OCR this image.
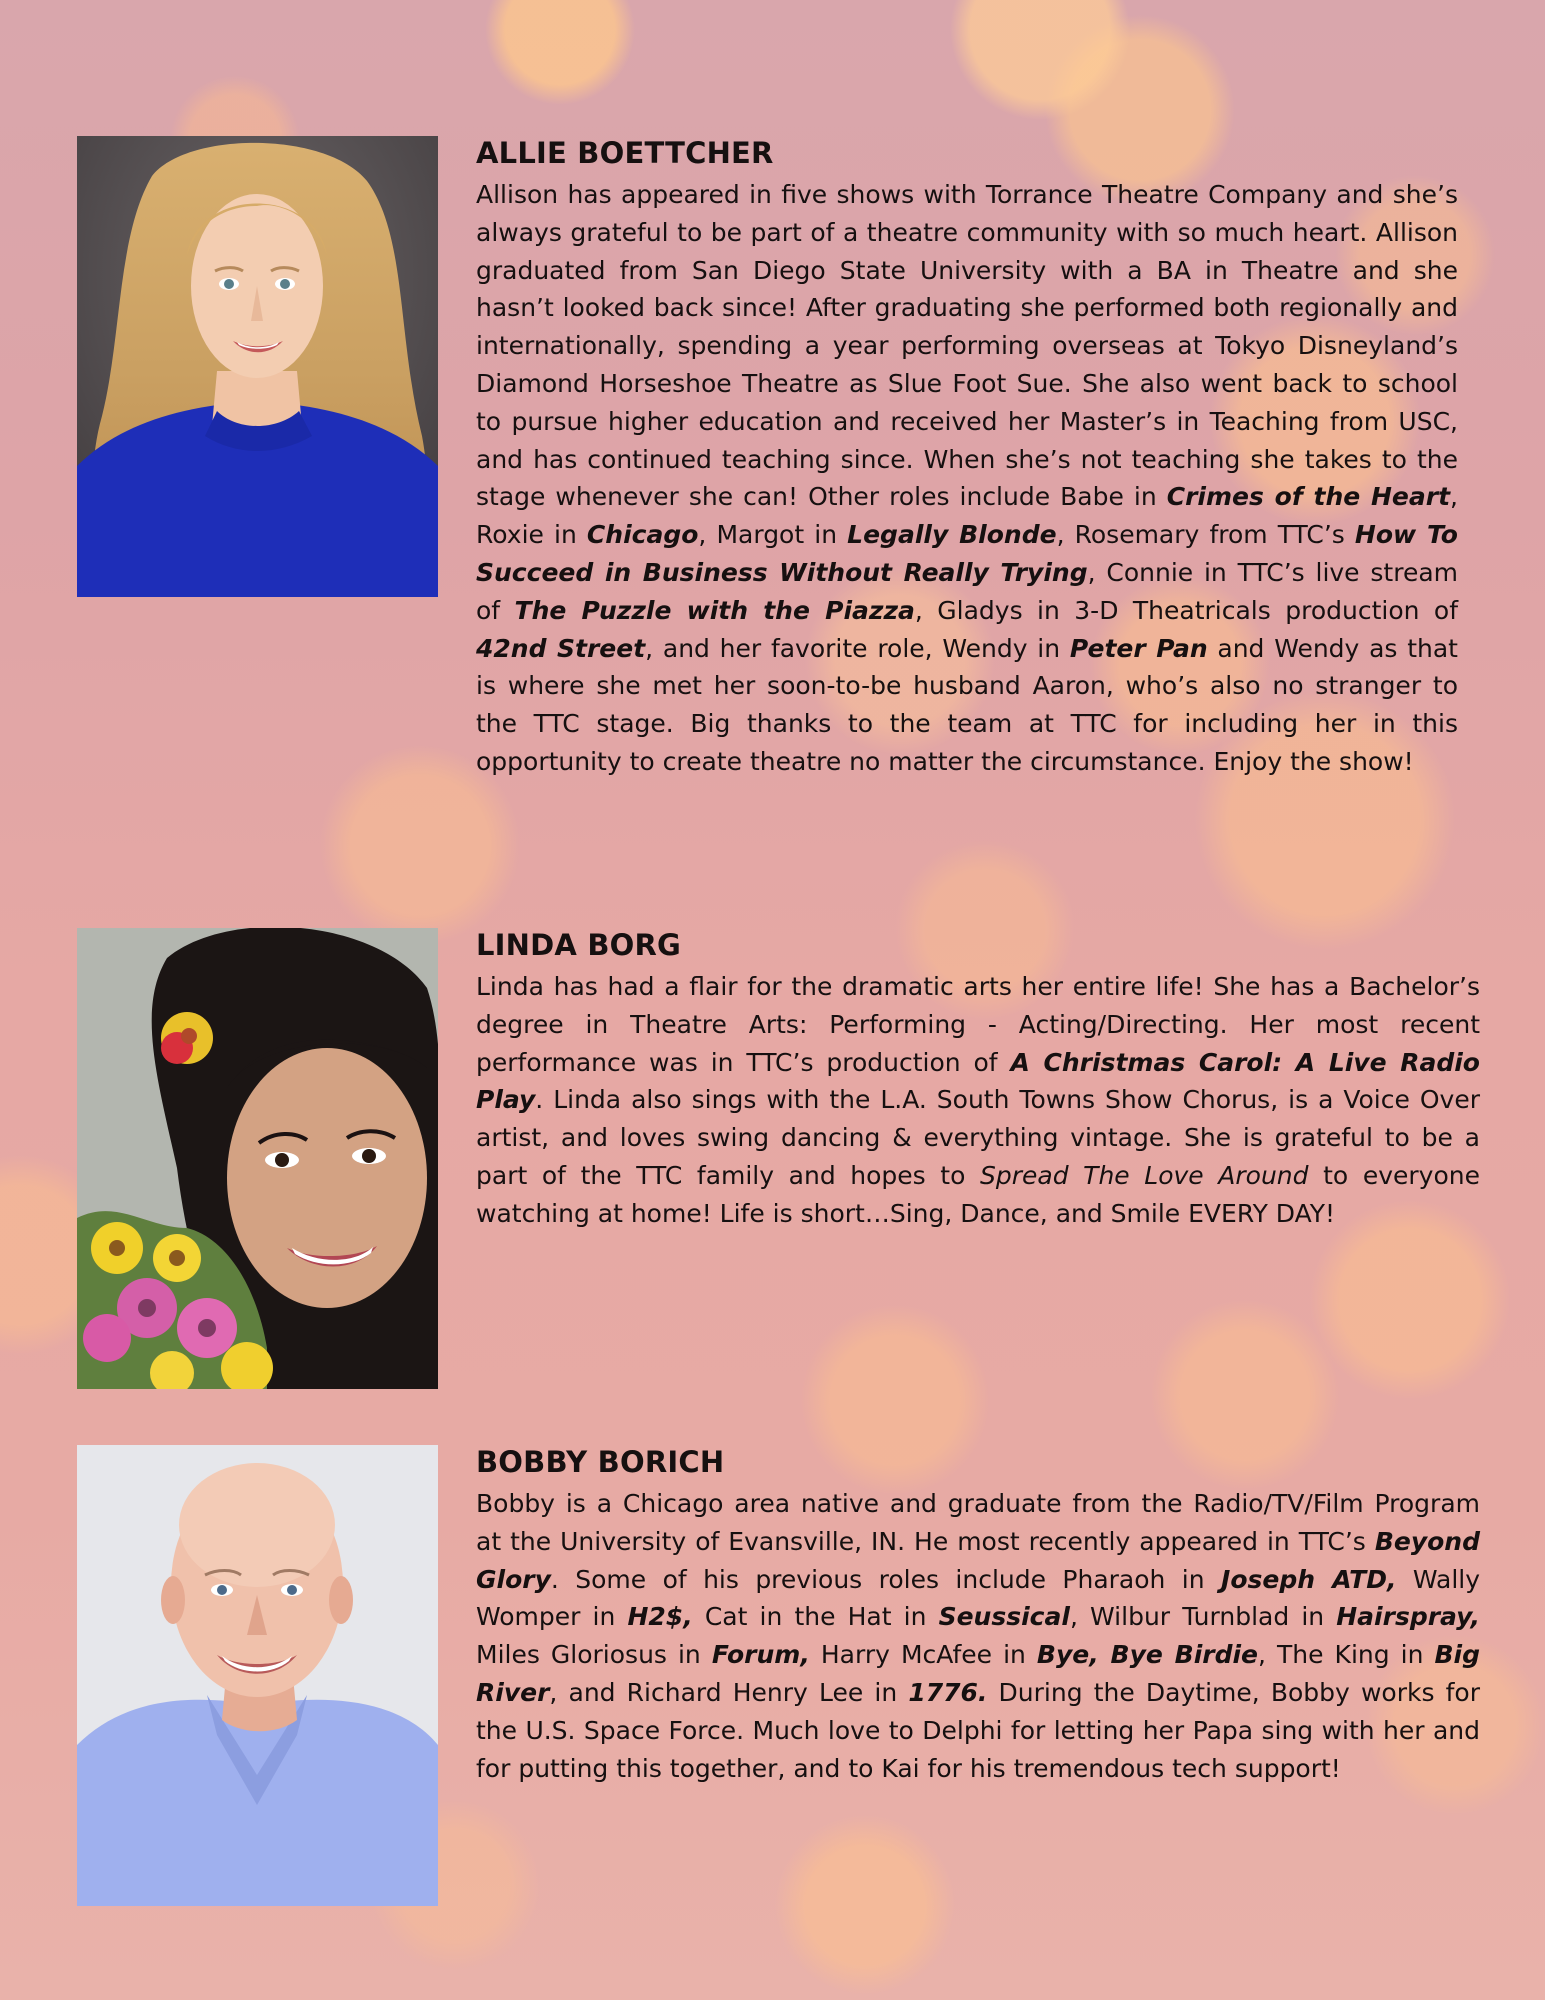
ALLIE BOETTCHER

Allison has appeared in five shows with Torrance Theatre Company and she’s always grateful to be part of a theatre community with so much heart. Allison graduated from San Diego State University with a BA in Theatre and she hasn’t looked back since! After graduating she performed both regionally and internationally, spending a year performing overseas at Tokyo Disneyland’s Diamond Horseshoe Theatre as Slue Foot Sue. She also went back to school to pursue higher education and received her Master’s in Teaching from USC, and has continued teaching since. When she’s not teaching she takes to the stage whenever she can! Other roles include Babe in Crimes of the Heart, Roxie in Chicago, Margot in Legally Blonde, Rosemary from TTC’s How To Succeed in Business Without Really Trying, Connie in TTC’s live stream of The Puzzle with the Piazza, Gladys in 3-D Theatricals production of 42nd Street, and her favorite role, Wendy in Peter Pan and Wendy as that is where she met her soon-to-be husband Aaron, who’s also no stranger to the TTC stage. Big thanks to the team at TTC for including her in this opportunity to create theatre no matter the circumstance. Enjoy the show!

LINDA BORG

Linda has had a flair for the dramatic arts her entire life! She has a Bachelor’s degree in Theatre Arts: Performing - Acting/Directing. Her most recent performance was in TTC’s production of A Christmas Carol: A Live Radio Play. Linda also sings with the L.A. South Towns Show Chorus, is a Voice Over artist, and loves swing dancing & everything vintage. She is grateful to be a part of the TTC family and hopes to Spread The Love Around to everyone watching at home! Life is short…Sing, Dance, and Smile EVERY DAY!

BOBBY BORICH

Bobby is a Chicago area native and graduate from the Radio/TV/Film Program at the University of Evansville, IN. He most recently appeared in TTC’s Beyond Glory. Some of his previous roles include Pharaoh in Joseph ATD, Wally Womper in H2$, Cat in the Hat in Seussical, Wilbur Turnblad in Hairspray, Miles Gloriosus in Forum, Harry McAfee in Bye, Bye Birdie, The King in Big River, and Richard Henry Lee in 1776. During the Daytime, Bobby works for the U.S. Space Force. Much love to Delphi for letting her Papa sing with her and for putting this together, and to Kai for his tremendous tech support!
